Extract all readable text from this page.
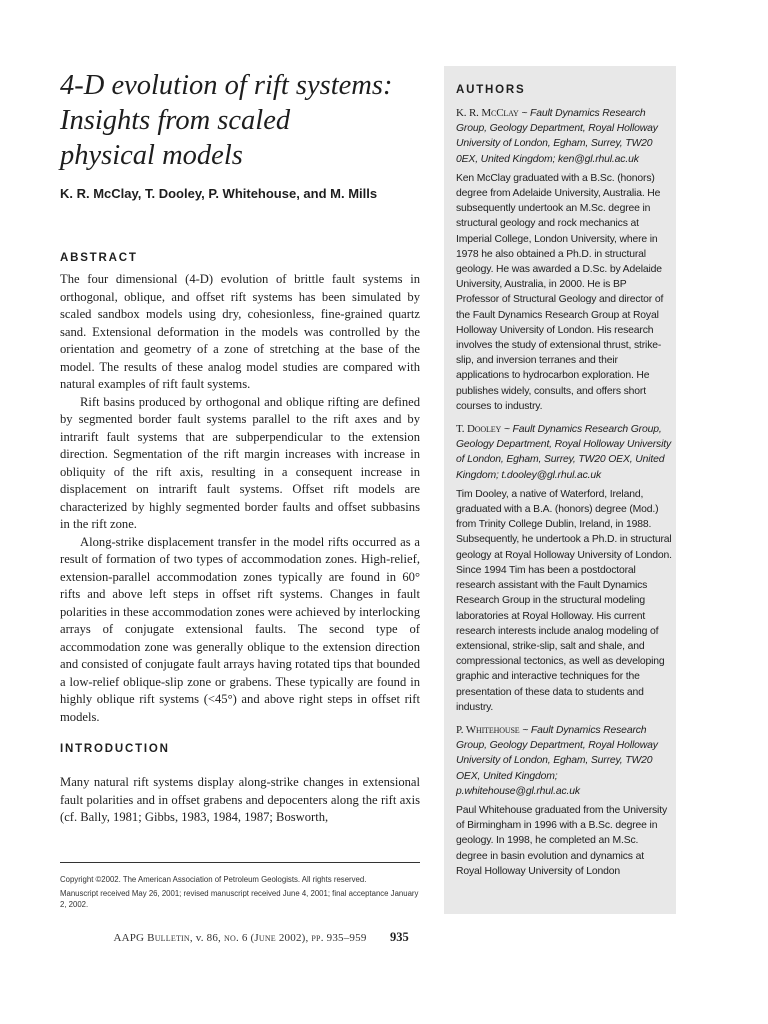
4-D evolution of rift systems:
Insights from scaled
physical models

K. R. McClay, T. Dooley, P. Whitehouse, and M. Mills

ABSTRACT

The four dimensional (4-D) evolution of brittle fault systems in orthogonal, oblique, and offset rift systems has been simulated by scaled sandbox models using dry, cohesionless, fine-grained quartz sand. Extensional deformation in the models was controlled by the orientation and geometry of a zone of stretching at the base of the model. The results of these analog model studies are compared with natural examples of rift fault systems.

Rift basins produced by orthogonal and oblique rifting are defined by segmented border fault systems parallel to the rift axes and by intrarift fault systems that are subperpendicular to the extension direction. Segmentation of the rift margin increases with increase in obliquity of the rift axis, resulting in a consequent increase in displacement on intrarift fault systems. Offset rift models are characterized by highly segmented border faults and offset subbasins in the rift zone.

Along-strike displacement transfer in the model rifts occurred as a result of formation of two types of accommodation zones. High-relief, extension-parallel accommodation zones typically are found in 60° rifts and above left steps in offset rift systems. Changes in fault polarities in these accommodation zones were achieved by interlocking arrays of conjugate extensional faults. The second type of accommodation zone was generally oblique to the extension direction and consisted of conjugate fault arrays having rotated tips that bounded a low-relief oblique-slip zone or grabens. These typically are found in highly oblique rift systems (<45°) and above right steps in offset rift models.

INTRODUCTION

Many natural rift systems display along-strike changes in extensional fault polarities and in offset grabens and depocenters along the rift axis (cf. Bally, 1981; Gibbs, 1983, 1984, 1987; Bosworth,

Copyright ©2002. The American Association of Petroleum Geologists. All rights reserved.

Manuscript received May 26, 2001; revised manuscript received June 4, 2001; final acceptance January 2, 2002.

AAPG Bulletin, v. 86, no. 6 (June 2002), pp. 935–959	935
AUTHORS

K. R. McClay ~ Fault Dynamics Research Group, Geology Department, Royal Holloway University of London, Egham, Surrey, TW20 0EX, United Kingdom; ken@gl.rhul.ac.uk

Ken McClay graduated with a B.Sc. (honors) degree from Adelaide University, Australia. He subsequently undertook an M.Sc. degree in structural geology and rock mechanics at Imperial College, London University, where in 1978 he also obtained a Ph.D. in structural geology. He was awarded a D.Sc. by Adelaide University, Australia, in 2000. He is BP Professor of Structural Geology and director of the Fault Dynamics Research Group at Royal Holloway University of London. His research involves the study of extensional thrust, strike-slip, and inversion terranes and their applications to hydrocarbon exploration. He publishes widely, consults, and offers short courses to industry.

T. Dooley ~ Fault Dynamics Research Group, Geology Department, Royal Holloway University of London, Egham, Surrey, TW20 OEX, United Kingdom; t.dooley@gl.rhul.ac.uk

Tim Dooley, a native of Waterford, Ireland, graduated with a B.A. (honors) degree (Mod.) from Trinity College Dublin, Ireland, in 1988. Subsequently, he undertook a Ph.D. in structural geology at Royal Holloway University of London. Since 1994 Tim has been a postdoctoral research assistant with the Fault Dynamics Research Group in the structural modeling laboratories at Royal Holloway. His current research interests include analog modeling of extensional, strike-slip, salt and shale, and compressional tectonics, as well as developing graphic and interactive techniques for the presentation of these data to students and industry.

P. Whitehouse ~ Fault Dynamics Research Group, Geology Department, Royal Holloway University of London, Egham, Surrey, TW20 OEX, United Kingdom; p.whitehouse@gl.rhul.ac.uk

Paul Whitehouse graduated from the University of Birmingham in 1996 with a B.Sc. degree in geology. In 1998, he completed an M.Sc. degree in basin evolution and dynamics at Royal Holloway University of London
